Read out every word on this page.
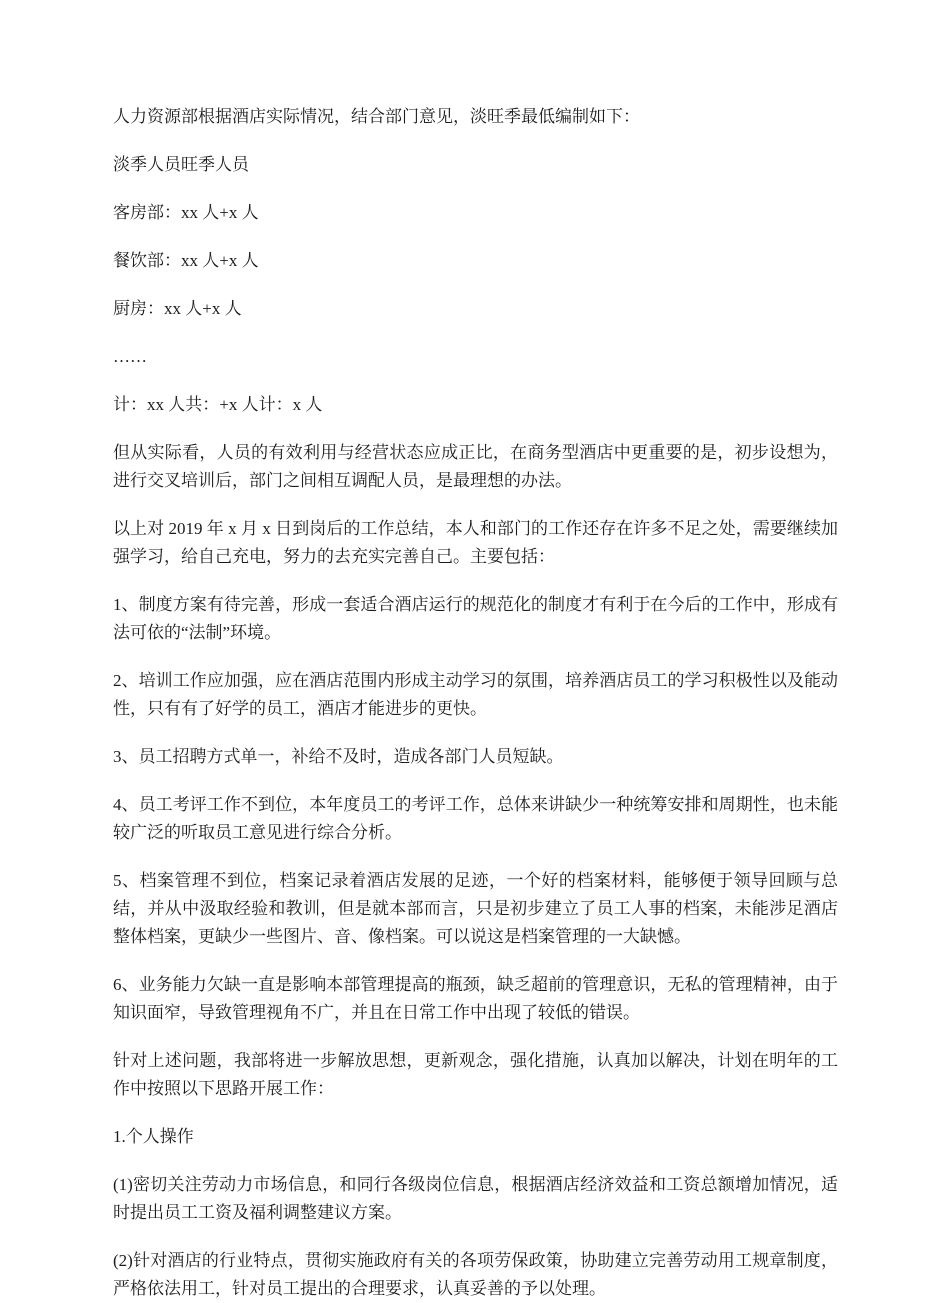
人力资源部根据酒店实际情况，结合部门意见，淡旺季最低编制如下：

淡季人员旺季人员

客房部：xx 人+x 人

餐饮部：xx 人+x 人

厨房：xx 人+x 人

……

计：xx 人共：+x 人计：x 人

但从实际看，人员的有效利用与经营状态应成正比，在商务型酒店中更重要的是，初步设想为，进行交叉培训后，部门之间相互调配人员，是最理想的办法。

以上对 2019 年 x 月 x 日到岗后的工作总结，本人和部门的工作还存在许多不足之处，需要继续加强学习，给自己充电，努力的去充实完善自己。主要包括：

1、制度方案有待完善，形成一套适合酒店运行的规范化的制度才有利于在今后的工作中，形成有法可依的“法制”环境。

2、培训工作应加强，应在酒店范围内形成主动学习的氛围，培养酒店员工的学习积极性以及能动性，只有有了好学的员工，酒店才能进步的更快。

3、员工招聘方式单一，补给不及时，造成各部门人员短缺。

4、员工考评工作不到位，本年度员工的考评工作，总体来讲缺少一种统筹安排和周期性，也未能较广泛的听取员工意见进行综合分析。

5、档案管理不到位，档案记录着酒店发展的足迹，一个好的档案材料，能够便于领导回顾与总结，并从中汲取经验和教训，但是就本部而言，只是初步建立了员工人事的档案，未能涉足酒店整体档案，更缺少一些图片、音、像档案。可以说这是档案管理的一大缺憾。

6、业务能力欠缺一直是影响本部管理提高的瓶颈，缺乏超前的管理意识，无私的管理精神，由于知识面窄，导致管理视角不广，并且在日常工作中出现了较低的错误。

针对上述问题，我部将进一步解放思想，更新观念，强化措施，认真加以解决，计划在明年的工作中按照以下思路开展工作：

1.个人操作

(1)密切关注劳动力市场信息，和同行各级岗位信息，根据酒店经济效益和工资总额增加情况，适时提出员工工资及福利调整建议方案。

(2)针对酒店的行业特点，贯彻实施政府有关的各项劳保政策，协助建立完善劳动用工规章制度，严格依法用工，针对员工提出的合理要求，认真妥善的予以处理。
